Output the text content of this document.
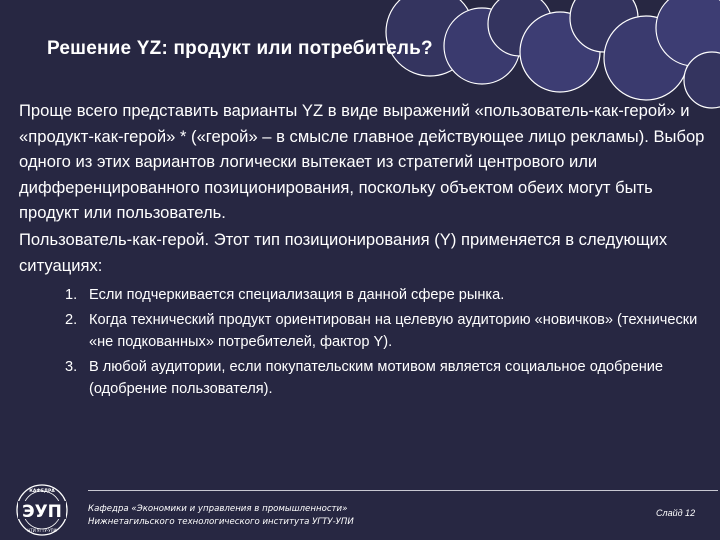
Решение YZ: продукт или потребитель?

Проще всего представить варианты YZ в виде выражений «пользователь-как-герой» и «продукт-как-герой» * («герой» – в смысле главное действующее лицо рекламы). Выбор одного из этих вариантов логически вытекает из стратегий центрового или дифференцированного позиционирования, поскольку объектом обеих могут быть продукт или пользователь.

Пользователь-как-герой. Этот тип позиционирования (Y) применяется в следующих ситуациях:

1. Если подчеркивается специализация в данной сфере рынка.
2. Когда технический продукт ориентирован на целевую аудиторию «новичков» (технически «не подкованных» потребителей, фактор Y).
3. В любой аудитории, если покупательским мотивом является социальное одобрение (одобрение пользователя).
ЭУП
КАФЕДРА
НТИ УГТУ-УПИ
Кафедра «Экономики и управления в промышленности»
Нижнетагильского технологического института УГТУ-УПИ
Слайд 12
